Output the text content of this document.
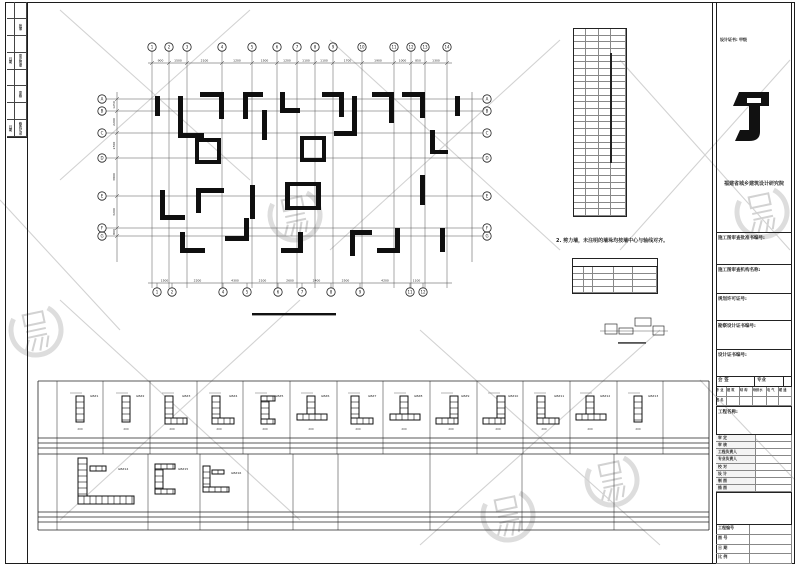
1	2	3	4	5	6	7	8	9	10	11	12 13	14
1	2	4	5	6	7	8	9	11 12
A
B
C
D
E
F
G
A
B
C
D
E
F
G
900	1500	2100	1200	1500	1200	1100	1100	1700	1900	1000	850	1300
1500	2200	4300	2100	2600	2400	2500	4200	1100
1250
2200
2500
3800
3200
800
GBZ1
200
GBZ2
200
GBZ3
200
GBZ4
200
GBZ5
200
GBZ6
200
GBZ7
200
GBZ8
200
GBZ9
200
GBZ10
200
GBZ11
200
GBZ12
200
GBZ13
200
GBZ14	GBZ15
GBZ16
批准
日期	审定批准
审核
日期	修改记录
2. 剪力墙，未注明的墙垛均按墙中心与轴线对齐。
设计证书: 甲级
福建省城乡建筑设计研究院
施工图审查批准书编号:
施工图审查机构名称:
规划许可证号:
勘察设计证书编号:
设计证书编号:
会 签	专业
专 业	建 筑	结 构	给排水	电 气	暖 通
签 名
工程名称:
审 定
审 核
工程负责人
专业负责人
校 对
设 计
制 图
描 图
工程编号
图 号
日 期
比 例
